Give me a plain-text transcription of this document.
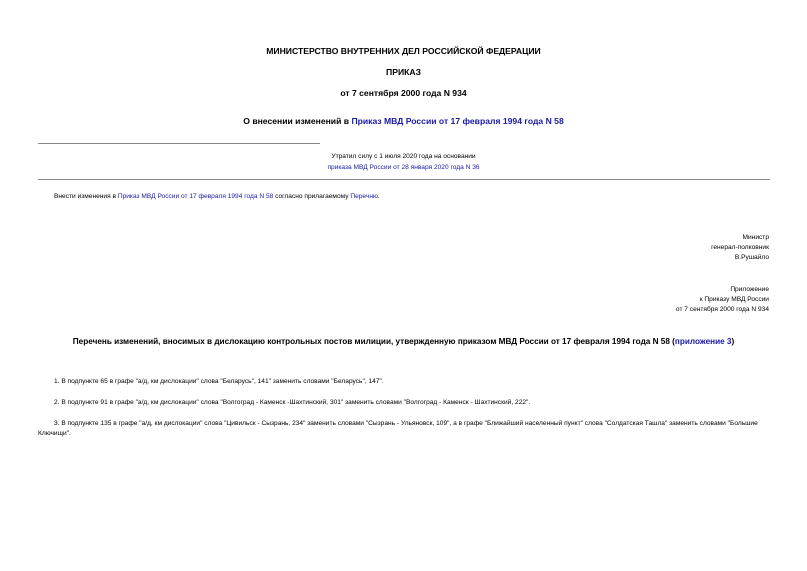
МИНИСТЕРСТВО ВНУТРЕННИХ ДЕЛ РОССИЙСКОЙ ФЕДЕРАЦИИ
ПРИКАЗ
от 7 сентября 2000 года N 934
О внесении изменений в Приказ МВД России от 17 февраля 1994 года N 58
Утратил силу с 1 июля 2020 года на основании
приказа МВД России от 28 января 2020 года N 36
Внести изменения в Приказ МВД России от 17 февраля 1994 года N 58 согласно прилагаемому Перечню.
Министр
генерал-полковник
В.Рушайло
Приложение
к Приказу МВД России
от 7 сентября 2000 года N 934
Перечень изменений, вносимых в дислокацию контрольных постов милиции, утвержденную приказом МВД России от 17 февраля 1994 года N 58 (приложение 3)
1. В подпункте 65 в графе "а/д, км дислокации" слова "Беларусь", 141" заменить словами "Беларусь", 147".
2. В подпункте 91 в графе "а/д, км дислокации" слова "Волгоград - Каменск -Шахтинский, 301" заменить словами "Волгоград - Каменск - Шахтинский, 222".
3. В подпункте 135 в графе "а/д, км дислокации" слова "Цивильск - Сызрань, 234" заменить словами "Сызрань - Ульяновск, 109", а в графе "Ближайший населенный пункт" слова "Солдатская Ташла" заменить словами "Большие Ключищи".
